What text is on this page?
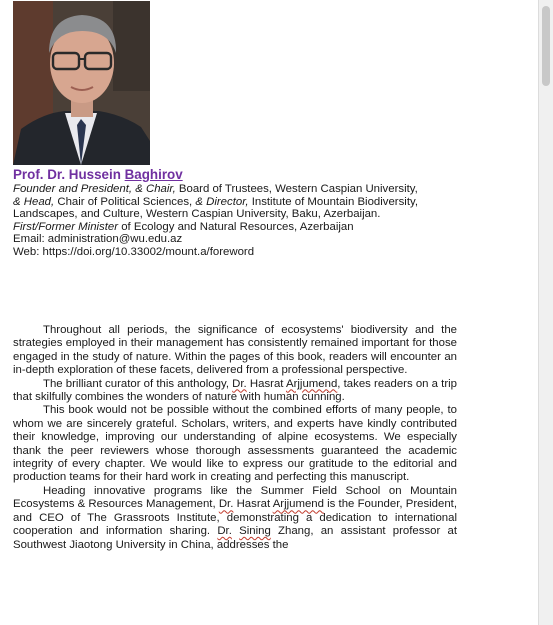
Prof. Dr. Hussein Baghirov

Founder and President, & Chair, Board of Trustees, Western Caspian University,

& Head, Chair of Political Sciences, & Director, Institute of Mountain Biodiversity,

Landscapes, and Culture, Western Caspian University, Baku, Azerbaijan.

First/Former Minister of Ecology and Natural Resources, Azerbaijan

Email: administration@wu.edu.az

Web: https://doi.org/10.33002/mount.a/foreword

Throughout all periods, the significance of ecosystems' biodiversity and the strategies employed in their management has consistently remained important for those engaged in the study of nature. Within the pages of this book, readers will encounter an in-depth exploration of these facets, delivered from a professional perspective.

The brilliant curator of this anthology, Dr. Hasrat Arjjumend, takes readers on a trip that skilfully combines the wonders of nature with human cunning.

This book would not be possible without the combined efforts of many people, to whom we are sincerely grateful. Scholars, writers, and experts have kindly contributed their knowledge, improving our understanding of alpine ecosystems. We especially thank the peer reviewers whose thorough assessments guaranteed the academic integrity of every chapter. We would like to express our gratitude to the editorial and production teams for their hard work in creating and perfecting this manuscript.

Heading innovative programs like the Summer Field School on Mountain Ecosystems & Resources Management, Dr. Hasrat Arjjumend is the Founder, President, and CEO of The Grassroots Institute, demonstrating a dedication to international cooperation and information sharing. Dr. Sining Zhang, an assistant professor at Southwest Jiaotong University in China, addresses the
